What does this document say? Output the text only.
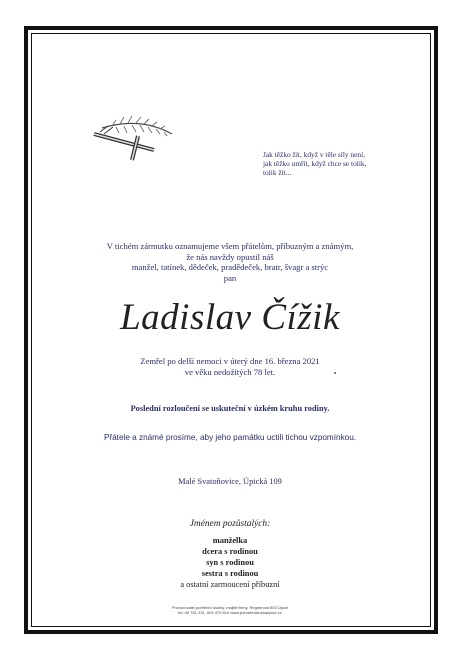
Jak těžko žít, když v těle síly není,
jak těžko umřít, když chce se tolik,
tolik žít...
V tichém zármutku oznamujeme všem přátelům, příbuzným a známým,
že nás navždy opustil náš
manžel, tatínek, dědeček, pradědeček, bratr, švagr a strýc
pan
Ladislav Čížik
Zemřel po delší nemoci v úterý dne 16. března 2021
ve věku nedožitých 78 let.
Poslední rozloučení se uskuteční v úzkém kruhu rodiny.
Přátele a známé prosíme, aby jeho památku uctili tichou vzpomínkou.
Malé Svatoňovice, Úpická 109
Jménem pozůstalých:
manželka
dcera s rodinou
syn s rodinou
sestra s rodinou
a ostatní zarmoucení příbuzní
Provozovatel pohřební služby, majitel firmy, Regnerova 603 Úpice
tel.:49 781 231, 603 470 810 www.pohrebnisluzbaupice.cz
